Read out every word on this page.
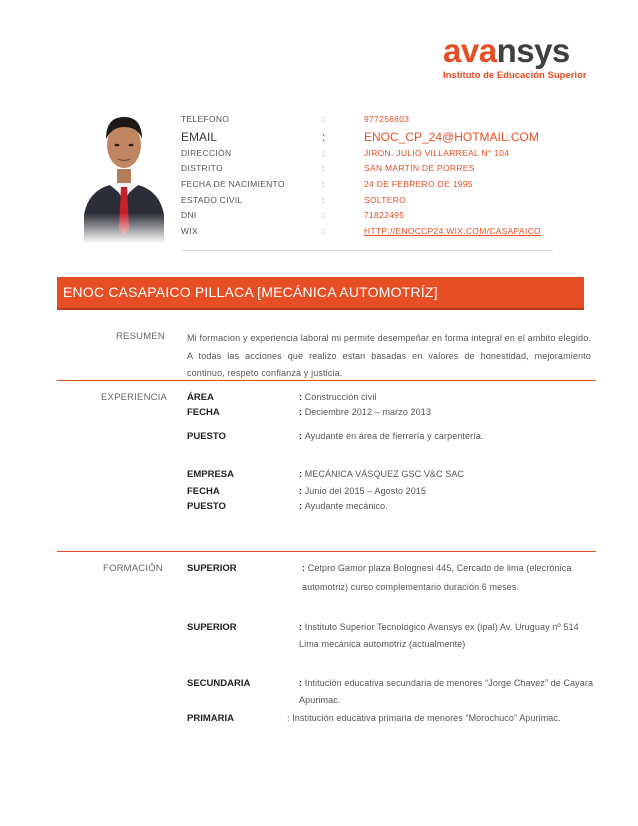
avansys
Instituto de Educación Superior
TELEFONO	:	977256603
EMAIL	:	ENOC_CP_24@HOTMAIL.COM
DIRECCIÓN	:	JIRON. JULIO VILLARREAL N° 104
DISTRITO	:	SAN MARTÍN DE PORRES
FECHA DE NACIMIENTO	:	24 DE FEBRERO DE 1995
ESTADO CIVIL	:	SOLTERO
DNI	:	71822495
WIX	:	HTTP://ENOCCP24.WIX.COM/CASAPAICO
ENOC CASAPAICO PILLACA [MECÁNICA AUTOMOTRÍZ]
RESUMEN Mi formacion y experiencia laboral mi permite desempeñar en forma integral en el ambito elegido. A todas las acciones que realizo estan basadas en valores de honestidad, mejoramiento continuo, respeto confianza y justicia.
EXPERIENCIA ÁREA	: Construcción civil
FECHA	: Deciembre 2012 – marzo 2013
PUESTO	: Ayudante en área de fierrería y carpentería.
EMPRESA	: MECÁNICA VÁSQUEZ GSC V&C SAC
FECHA	: Junio del 2015 – Agosto 2015
PUESTO	: Ayudante mecánico.
FORMACIÓN	SUPERIOR	: Cetpro Gamor plaza Bolognesi 445, Cercado de lima (elecrónica automotriz) curso complementario duración 6 meses.
SUPERIOR	: Instituto Superior Tecnologico Avansys ex (ipal) Av. Uruguay nº 514 Lima mecánica automotriz (actualmente)
SECUNDARIA	: Intitución educativa secundaria de menores “Jorge Chavez” de Cayara Apurimac.
PRIMARIA	: Institución educativa primaria de menores “Morochuco” Apurimac.
